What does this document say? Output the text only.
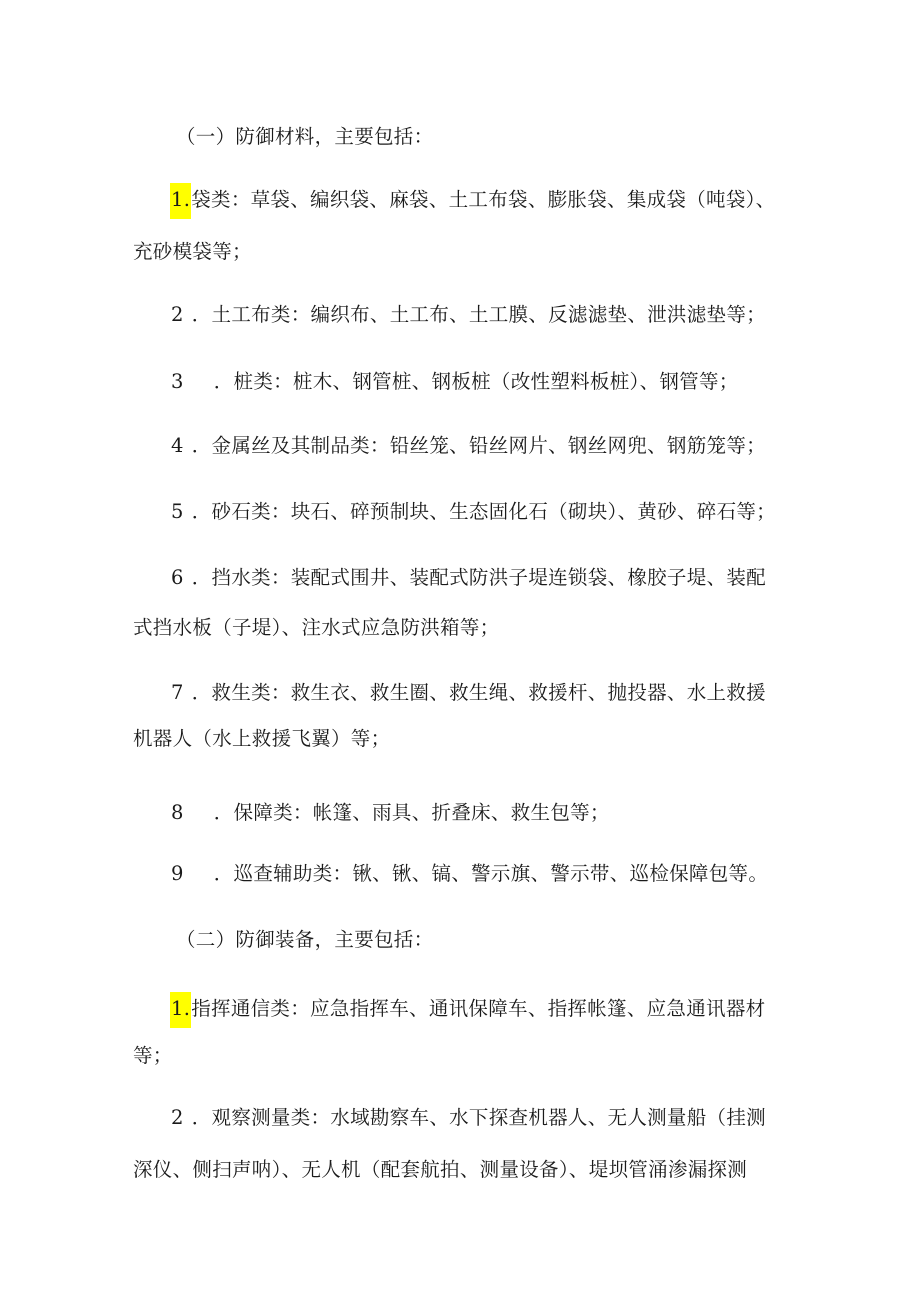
（一）防御材料，主要包括：
1.袋类：草袋、编织袋、麻袋、土工布袋、膨胀袋、集成袋（吨袋）、
充砂模袋等；
2 ．土工布类：编织布、土工布、土工膜、反滤滤垫、泄洪滤垫等；
3 ．桩类：桩木、钢管桩、钢板桩（改性塑料板桩）、钢管等；
4 ．金属丝及其制品类：铅丝笼、铅丝网片、钢丝网兜、钢筋笼等；
5 ．砂石类：块石、碎预制块、生态固化石（砌块）、黄砂、碎石等；
6 ．挡水类：装配式围井、装配式防洪子堤连锁袋、橡胶子堤、装配
式挡水板（子堤）、注水式应急防洪箱等；
7 ．救生类：救生衣、救生圈、救生绳、救援杆、抛投器、水上救援
机器人（水上救援飞翼）等；
8 ．保障类：帐篷、雨具、折叠床、救生包等；
9 ．巡查辅助类：锹、锹、镐、警示旗、警示带、巡检保障包等。
（二）防御装备，主要包括：
1.指挥通信类：应急指挥车、通讯保障车、指挥帐篷、应急通讯器材
等；
2 ．观察测量类：水域勘察车、水下探查机器人、无人测量船（挂测
深仪、侧扫声呐）、无人机（配套航拍、测量设备）、堤坝管涌渗漏探测
